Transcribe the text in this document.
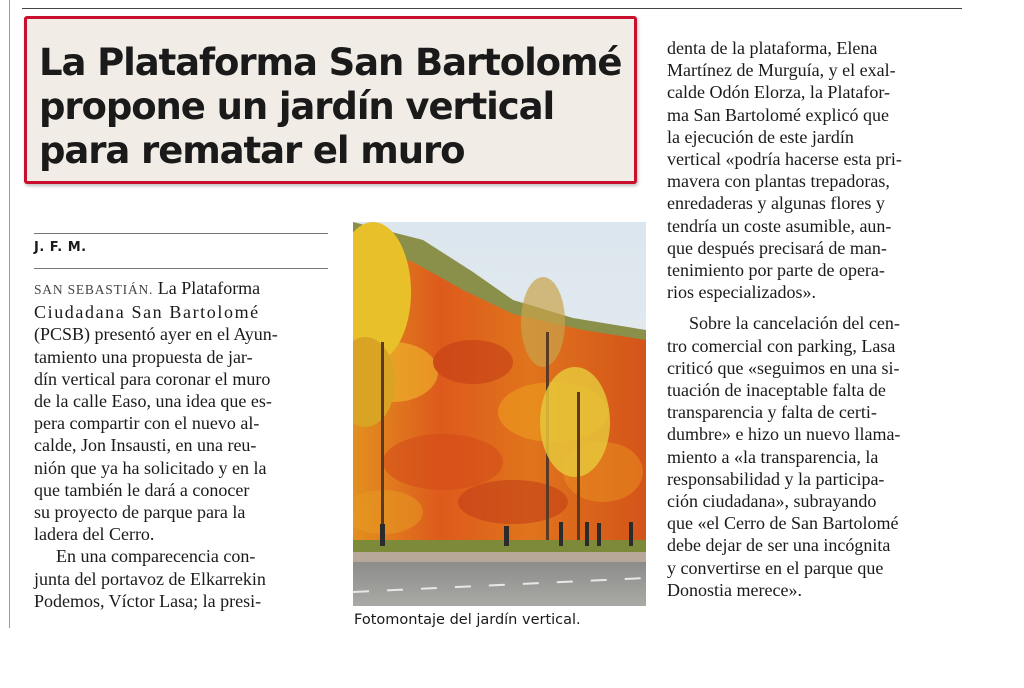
La Plataforma San Bartolomé
propone un jardín vertical
para rematar el muro
J. F. M.

SAN SEBASTIÁN. La Plataforma
Ciudadana San Bartolomé
(PCSB) presentó ayer en el Ayun-
tamiento una propuesta de jar-
dín vertical para coronar el muro
de la calle Easo, una idea que es-
pera compartir con el nuevo al-
calde, Jon Insausti, en una reu-
nión que ya ha solicitado y en la
que también le dará a conocer
su proyecto de parque para la
ladera del Cerro.

En una comparecencia con-
junta del portavoz de Elkarrekin
Podemos, Víctor Lasa; la presi-

Fotomontaje del jardín vertical.

denta de la plataforma, Elena
Martínez de Murguía, y el exal-
calde Odón Elorza, la Platafor-
ma San Bartolomé explicó que
la ejecución de este jardín
vertical «podría hacerse esta pri-
mavera con plantas trepadoras,
enredaderas y algunas flores y
tendría un coste asumible, aun-
que después precisará de man-
tenimiento por parte de opera-
rios especializados».

Sobre la cancelación del cen-
tro comercial con parking, Lasa
criticó que «seguimos en una si-
tuación de inaceptable falta de
transparencia y falta de certi-
dumbre» e hizo un nuevo llama-
miento a «la transparencia, la
responsabilidad y la participa-
ción ciudadana», subrayando
que «el Cerro de San Bartolomé
debe dejar de ser una incógnita
y convertirse en el parque que
Donostia merece».
